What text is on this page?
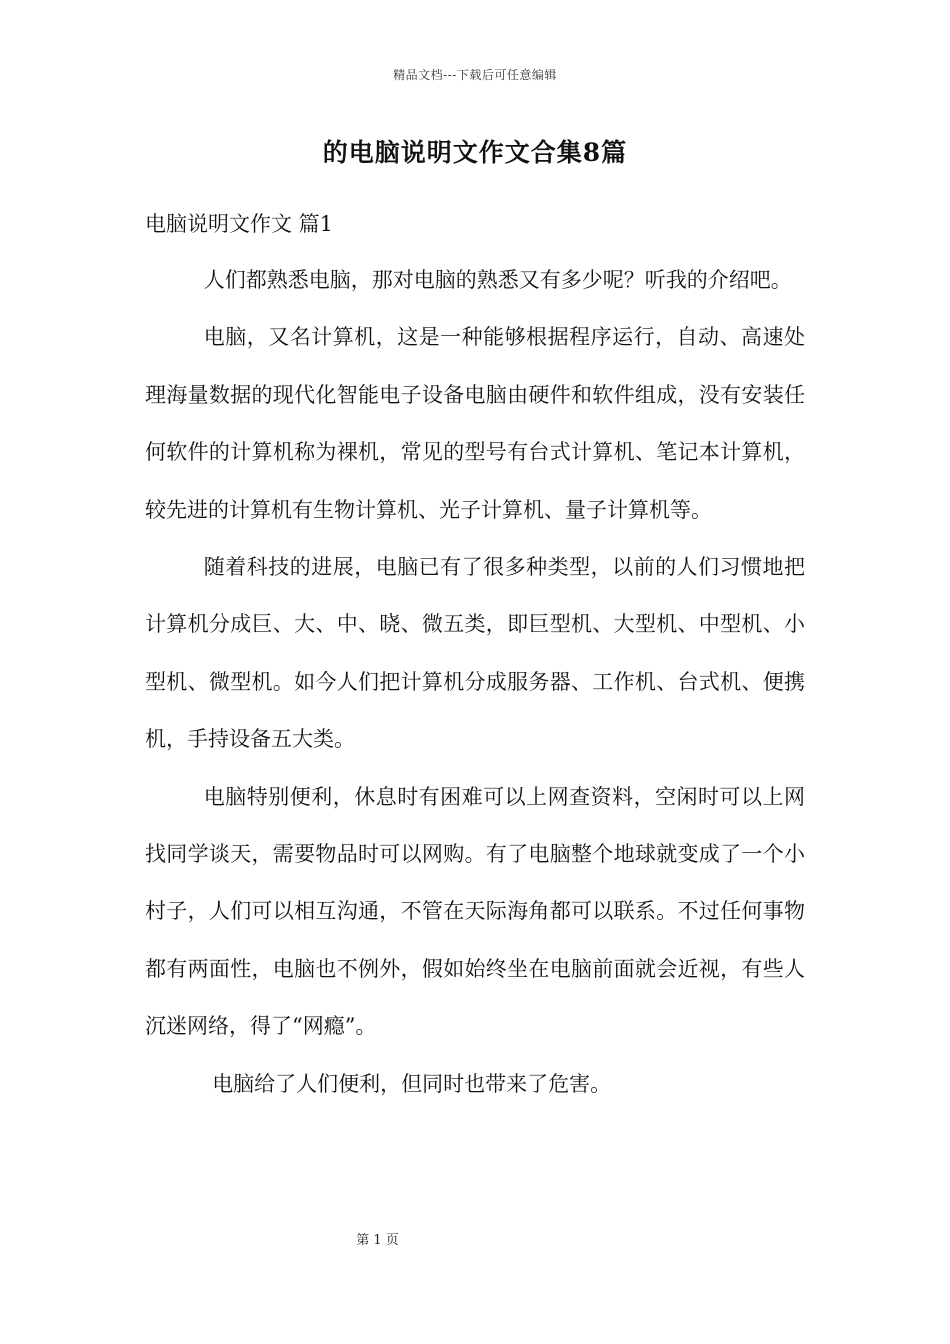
精品文档---下载后可任意编辑
的电脑说明文作文合集8篇
电脑说明文作文 篇1

人们都熟悉电脑，那对电脑的熟悉又有多少呢？听我的介绍吧。

电脑，又名计算机，这是一种能够根据程序运行，自动、高速处理海量数据的现代化智能电子设备电脑由硬件和软件组成，没有安装任何软件的计算机称为裸机，常见的型号有台式计算机、笔记本计算机，较先进的计算机有生物计算机、光子计算机、量子计算机等。

随着科技的进展，电脑已有了很多种类型，以前的人们习惯地把计算机分成巨、大、中、晓、微五类，即巨型机、大型机、中型机、小型机、微型机。如今人们把计算机分成服务器、工作机、台式机、便携机，手持设备五大类。

电脑特别便利，休息时有困难可以上网查资料，空闲时可以上网找同学谈天，需要物品时可以网购。有了电脑整个地球就变成了一个小村子，人们可以相互沟通，不管在天际海角都可以联系。不过任何事物都有两面性，电脑也不例外，假如始终坐在电脑前面就会近视，有些人沉迷网络，得了“网瘾”。

电脑给了人们便利，但同时也带来了危害。

第 1 页
